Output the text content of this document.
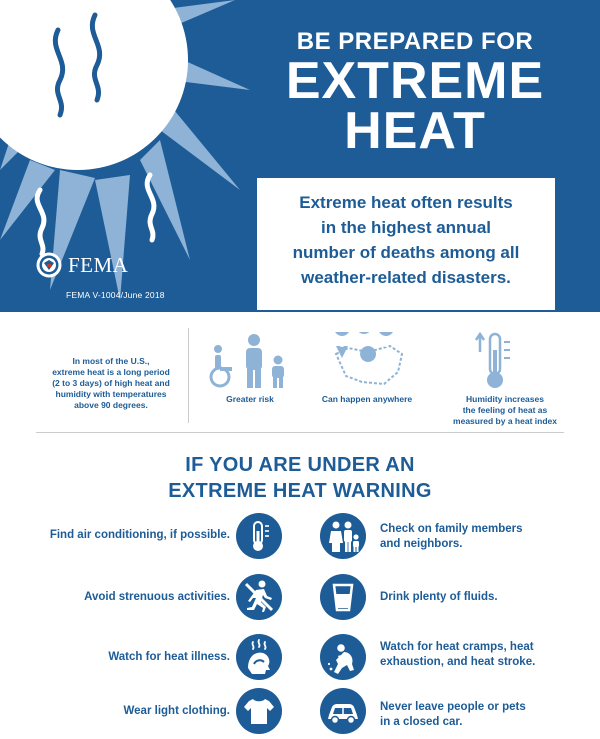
BE PREPARED FOR
EXTREME
HEAT
Extreme heat often results
in the highest annual
number of deaths among all
weather-related disasters.
FEMA
FEMA V-1004/June 2018
In most of the U.S.,
extreme heat is a long period
(2 to 3 days) of high heat and
humidity with temperatures
above 90 degrees.
Greater risk	Can happen anywhere	Humidity increases
the feeling of heat as
measured by a heat index
IF YOU ARE UNDER AN
EXTREME HEAT WARNING
Find air conditioning, if possible.	Check on family members
and neighbors.
Avoid strenuous activities.	Drink plenty of fluids.
Watch for heat illness.
Watch for heat cramps, heat
exhaustion, and heat stroke.
Wear light clothing.	Never leave people or pets
in a closed car.
